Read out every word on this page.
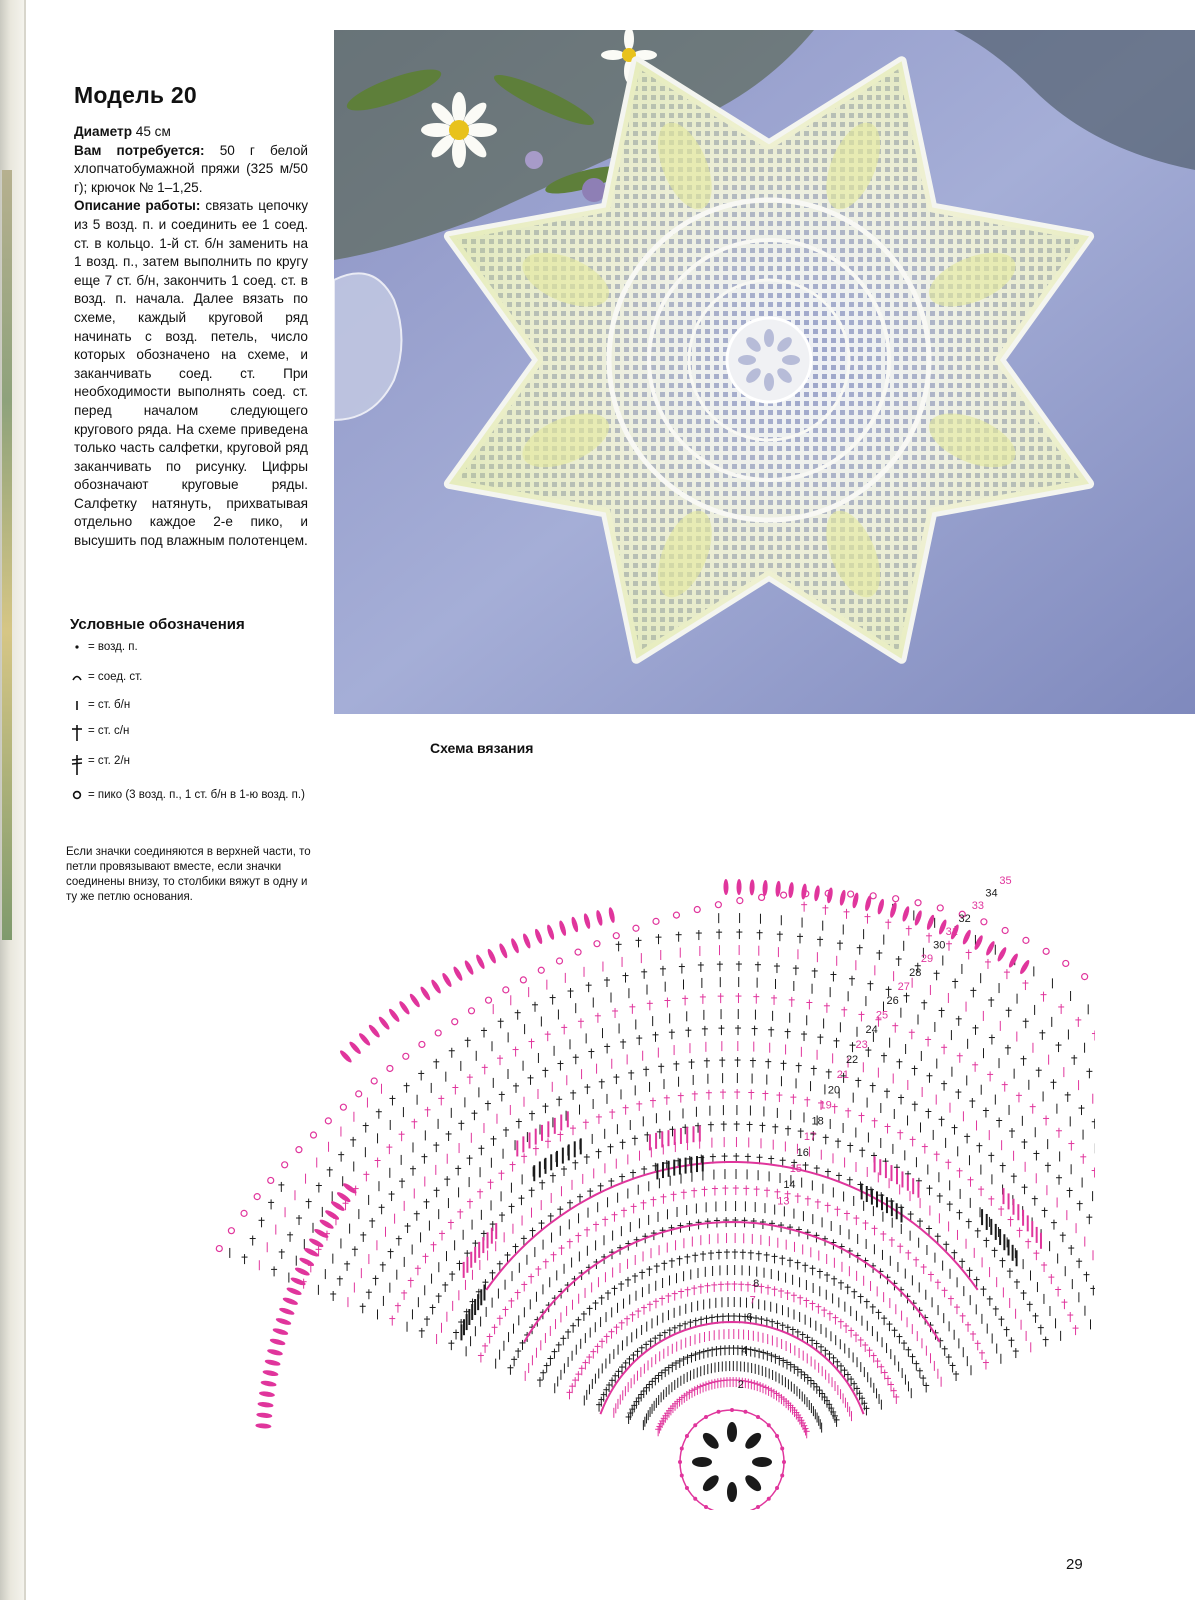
Модель 20

Диаметр 45 см

Вам потребуется: 50 г белой хлопчатобумажной пряжи (325 м/50 г); крючок № 1–1,25.

Описание работы: связать цепочку из 5 возд. п. и соединить ее 1 соед. ст. в кольцо. 1-й ст. б/н заменить на 1 возд. п., затем выполнить по кругу еще 7 ст. б/н, закончить 1 соед. ст. в возд. п. начала. Далее вязать по схеме, каждый круговой ряд начинать с возд. петель, число которых обозначено на схеме, и заканчивать соед. ст. При необходимости выполнять соед. ст. перед началом следующего кругового ряда. На схеме приведена только часть салфетки, круговой ряд заканчивать по рисунку. Цифры обозначают круговые ряды. Салфетку натянуть, прихватывая отдельно каждое 2-е пико, и высушить под влажным полотенцем.

Условные обозначения
= возд. п.
= соед. ст.
= ст. б/н
= ст. с/н
= ст. 2/н
= пико (3 возд. п., 1 ст. б/н в 1-ю возд. п.)

Если значки соединяются в верхней части, то петли провязывают вместе, если значки соединены внизу, то столбики вяжут в одну и ту же петлю основания.

Схема вязания
2
4
6
7
8
13
14
15
16
17
18
19
20
21
22
23
24
25
26
27
28
29
30
31
32
33
34
35
29
